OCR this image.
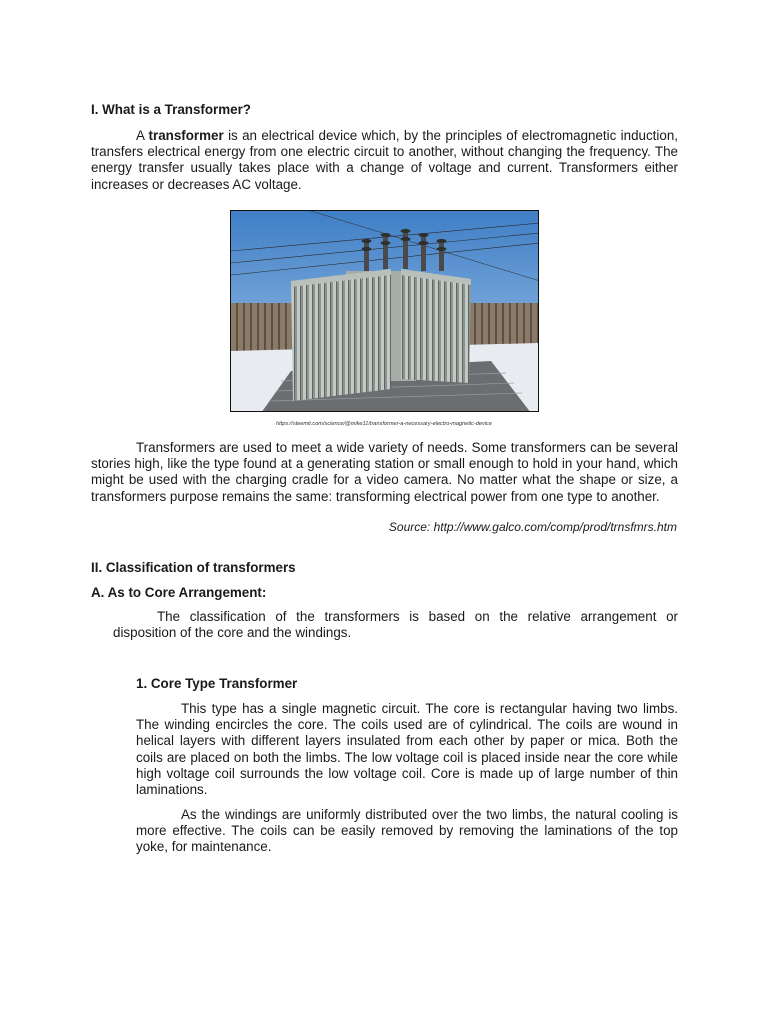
I. What is a Transformer?
A transformer is an electrical device which, by the principles of electromagnetic induction, transfers electrical energy from one electric circuit to another, without changing the frequency. The energy transfer usually takes place with a change of voltage and current. Transformers either increases or decreases AC voltage.
https://steemit.com/science/@mike11/transformer-a-necessary-electro-magnetic-device
Transformers are used to meet a wide variety of needs. Some transformers can be several stories high, like the type found at a generating station or small enough to hold in your hand, which might be used with the charging cradle for a video camera. No matter what the shape or size, a transformers purpose remains the same: transforming electrical power from one type to another.
Source: http://www.galco.com/comp/prod/trnsfmrs.htm
II. Classification of transformers
A. As to Core Arrangement:
The classification of the transformers is based on the relative arrangement or disposition of the core and the windings.
1. Core Type Transformer
This type has a single magnetic circuit. The core is rectangular having two limbs. The winding encircles the core. The coils used are of cylindrical. The coils are wound in helical layers with different layers insulated from each other by paper or mica. Both the coils are placed on both the limbs. The low voltage coil is placed inside near the core while high voltage coil surrounds the low voltage coil. Core is made up of large number of thin laminations.
As the windings are uniformly distributed over the two limbs, the natural cooling is more effective. The coils can be easily removed by removing the laminations of the top yoke, for maintenance.
